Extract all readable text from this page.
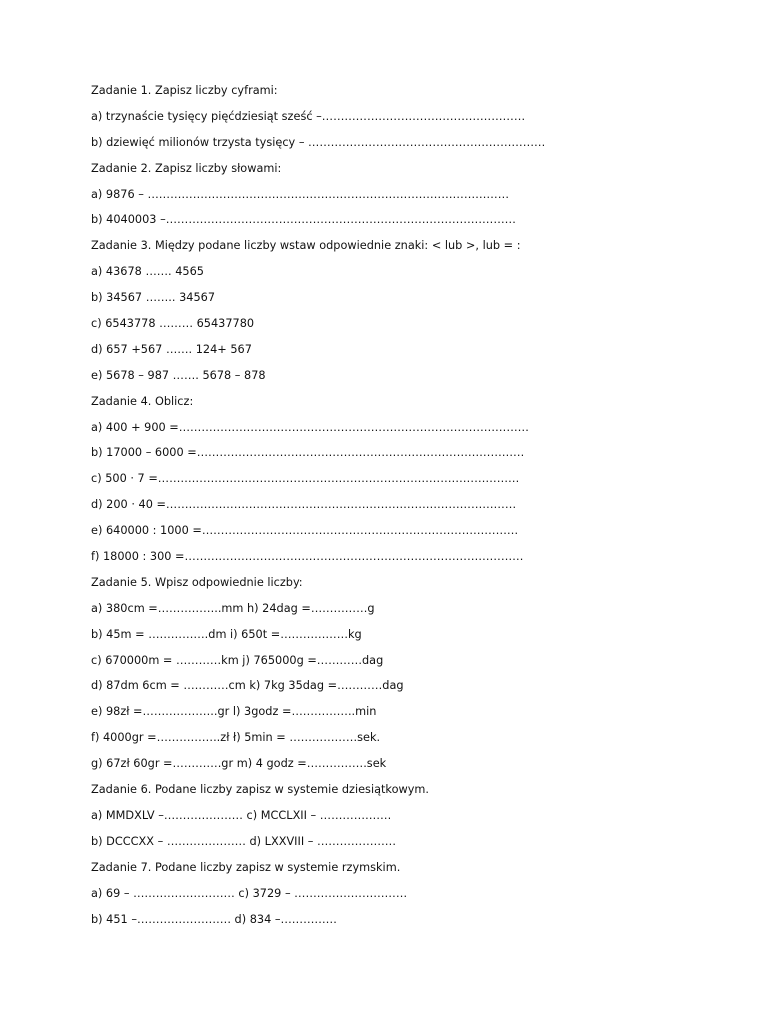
Zadanie 1. Zapisz liczby cyframi:
a) trzynaście tysięcy pięćdziesiąt sześć –………………………………………………
b) dziewięć milionów trzysta tysięcy – ………………………………………………………
Zadanie 2. Zapisz liczby słowami:
a) 9876 – ……………………………………………………………………………………
b) 4040003 –…………………………………………………………………………………
Zadanie 3. Między podane liczby wstaw odpowiednie znaki: < lub >, lub = :
a) 43678 ……. 4565
b) 34567 …….. 34567
c) 6543778 ……… 65437780
d) 657 +567 ……. 124+ 567
e) 5678 – 987 ……. 5678 – 878
Zadanie 4. Oblicz:
a) 400 + 900 =…………………………………………………………………………………
b) 17000 – 6000 =……………………………………………………………………………
c) 500 · 7 =……………………………………………………………………………………
d) 200 · 40 =…………………………………………………………………………………
e) 640000 : 1000 =…………………………………………………………………………
f) 18000 : 300 =………………………………………………………………………………
Zadanie 5. Wpisz odpowiednie liczby:
a) 380cm =……………..mm h) 24dag =……………g
b) 45m = …………….dm i) 650t =………………kg
c) 670000m = …………km j) 765000g =…………dag
d) 87dm 6cm = …………cm k) 7kg 35dag =…………dag
e) 98zł =………………..gr l) 3godz =……………..min
f) 4000gr =……………..zł ł) 5min = ………………sek.
g) 67zł 60gr =………….gr m) 4 godz =…………….sek
Zadanie 6. Podane liczby zapisz w systemie dziesiątkowym.
a) MMDXLV –………………… c) MCCLXII – ……………….
b) DCCCXX – ………………… d) LXXVIII – …………………
Zadanie 7. Podane liczby zapisz w systemie rzymskim.
a) 69 – ……………………… c) 3729 – …………………………
b) 451 –……………………. d) 834 –……………
